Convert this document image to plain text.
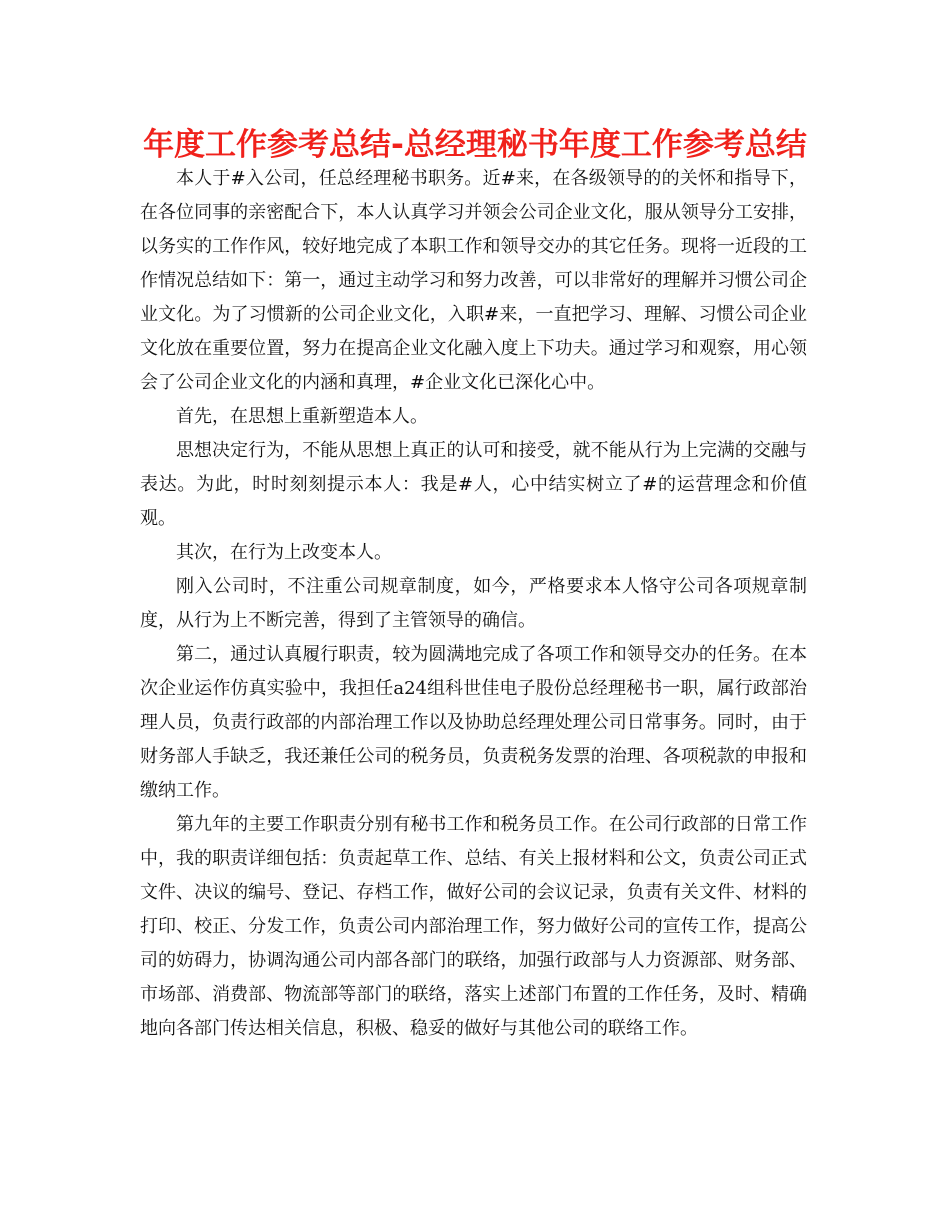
年度工作参考总结-总经理秘书年度工作参考总结

本人于#入公司，任总经理秘书职务。近#来，在各级领导的的关怀和指导下，在各位同事的亲密配合下，本人认真学习并领会公司企业文化，服从领导分工安排，以务实的工作作风，较好地完成了本职工作和领导交办的其它任务。现将一近段的工作情况总结如下：第一，通过主动学习和努力改善，可以非常好的理解并习惯公司企业文化。为了习惯新的公司企业文化，入职#来，一直把学习、理解、习惯公司企业文化放在重要位置，努力在提高企业文化融入度上下功夫。通过学习和观察，用心领会了公司企业文化的内涵和真理，#企业文化已深化心中。

首先，在思想上重新塑造本人。

思想决定行为，不能从思想上真正的认可和接受，就不能从行为上完满的交融与表达。为此，时时刻刻提示本人：我是#人，心中结实树立了#的运营理念和价值观。

其次，在行为上改变本人。

刚入公司时，不注重公司规章制度，如今，严格要求本人恪守公司各项规章制度，从行为上不断完善，得到了主管领导的确信。

第二，通过认真履行职责，较为圆满地完成了各项工作和领导交办的任务。在本次企业运作仿真实验中，我担任a24组科世佳电子股份总经理秘书一职，属行政部治理人员，负责行政部的内部治理工作以及协助总经理处理公司日常事务。同时，由于财务部人手缺乏，我还兼任公司的税务员，负责税务发票的治理、各项税款的申报和缴纳工作。

第九年的主要工作职责分别有秘书工作和税务员工作。在公司行政部的日常工作中，我的职责详细包括：负责起草工作、总结、有关上报材料和公文，负责公司正式文件、决议的编号、登记、存档工作，做好公司的会议记录，负责有关文件、材料的打印、校正、分发工作，负责公司内部治理工作，努力做好公司的宣传工作，提高公司的妨碍力，协调沟通公司内部各部门的联络，加强行政部与人力资源部、财务部、市场部、消费部、物流部等部门的联络，落实上述部门布置的工作任务，及时、精确地向各部门传达相关信息，积极、稳妥的做好与其他公司的联络工作。
